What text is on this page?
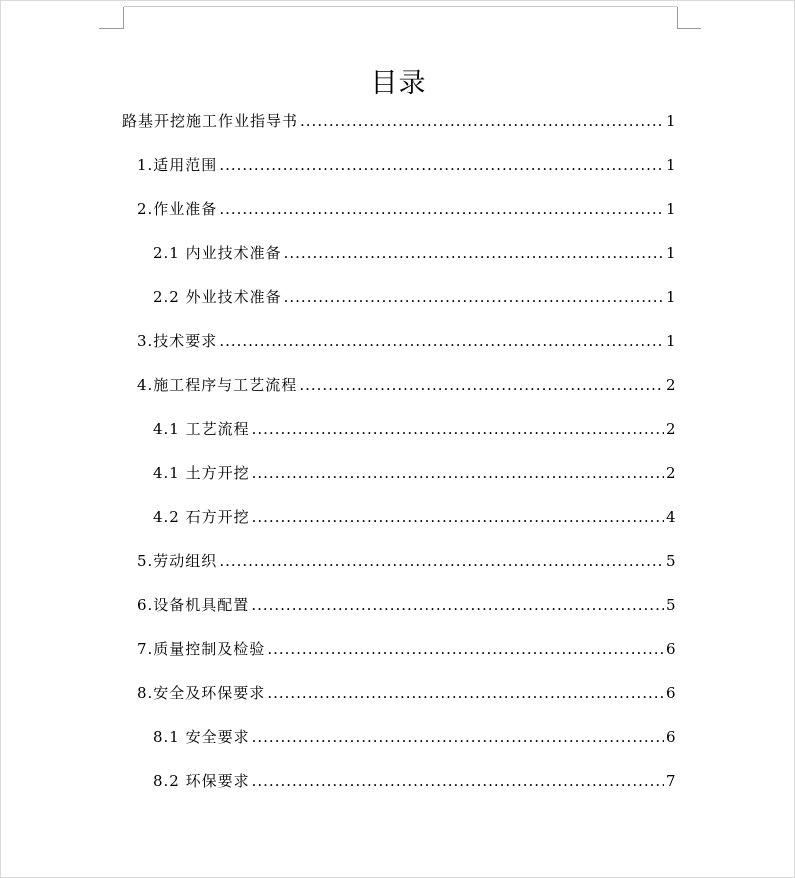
目录
路基开挖施工作业指导书 .....	1
1.适用范围 .....	1
2.作业准备 .....	1
2.1 内业技术准备 .....	1
2.2 外业技术准备 .....	1
3.技术要求 .....	1
4.施工程序与工艺流程 .....	2
4.1 工艺流程 .....	2
4.1 土方开挖 .....	2
4.2 石方开挖 .....	4
5.劳动组织 .....	5
6.设备机具配置 .....	5
7.质量控制及检验 .....	6
8.安全及环保要求 .....	6
8.1 安全要求 .....	6
8.2 环保要求 .....	7
